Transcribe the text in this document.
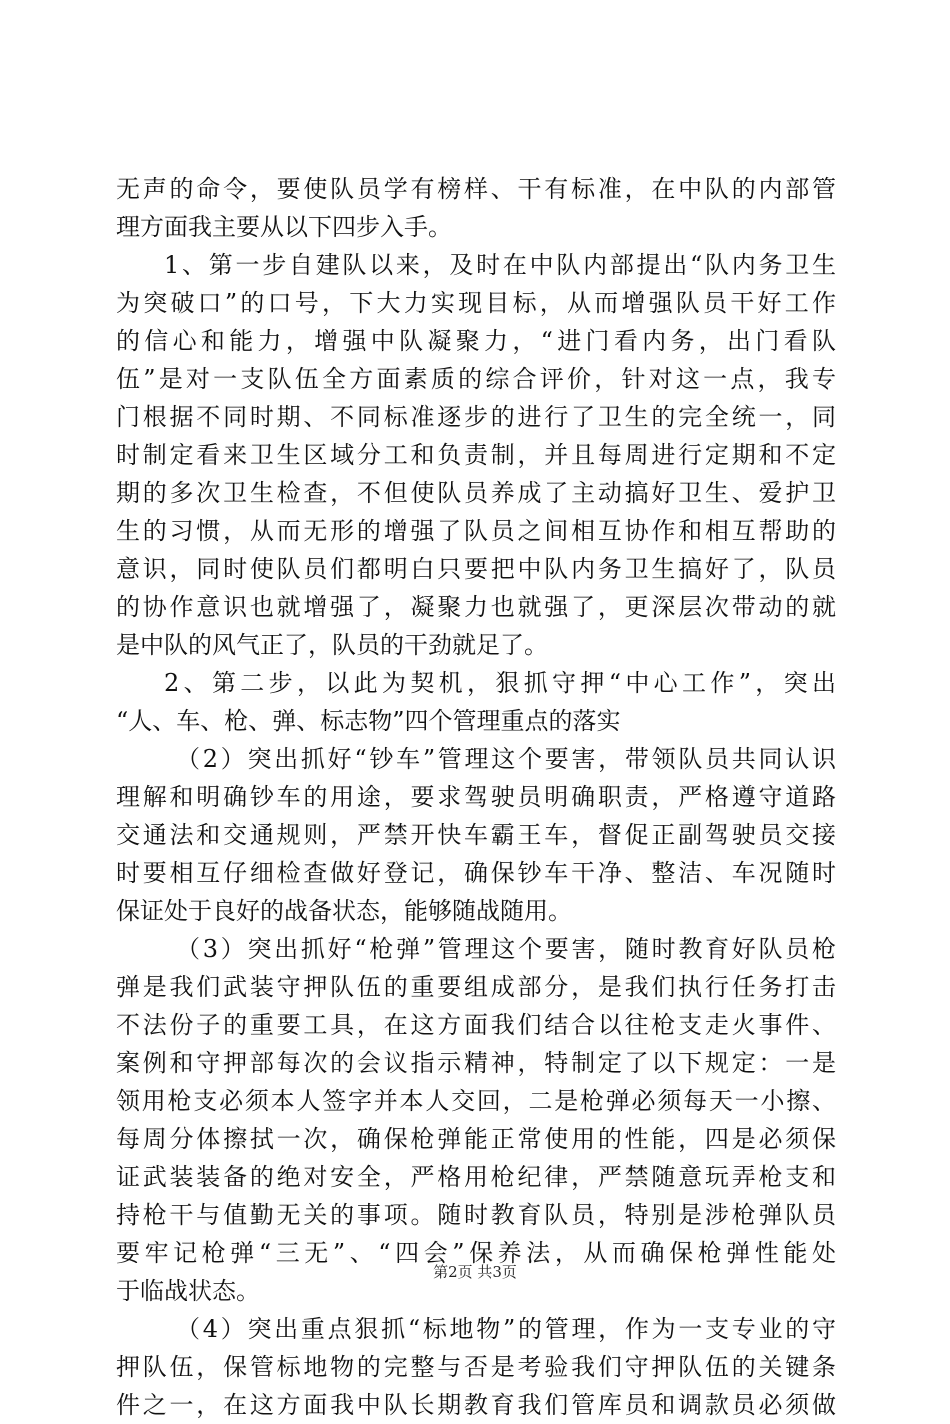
无声的命令，要使队员学有榜样、干有标准，在中队的内部管
理方面我主要从以下四步入手。
1、第一步自建队以来，及时在中队内部提出“队内务卫生
为突破口”的口号，下大力实现目标，从而增强队员干好工作
的信心和能力，增强中队凝聚力，“进门看内务，出门看队
伍”是对一支队伍全方面素质的综合评价，针对这一点，我专
门根据不同时期、不同标准逐步的进行了卫生的完全统一，同
时制定看来卫生区域分工和负责制，并且每周进行定期和不定
期的多次卫生检查，不但使队员养成了主动搞好卫生、爱护卫
生的习惯，从而无形的增强了队员之间相互协作和相互帮助的
意识，同时使队员们都明白只要把中队内务卫生搞好了，队员
的协作意识也就增强了，凝聚力也就强了，更深层次带动的就
是中队的风气正了，队员的干劲就足了。
2、第二步，以此为契机，狠抓守押“中心工作”，突出
“人、车、枪、弹、标志物”四个管理重点的落实
（2）突出抓好“钞车”管理这个要害，带领队员共同认识
理解和明确钞车的用途，要求驾驶员明确职责，严格遵守道路
交通法和交通规则，严禁开快车霸王车，督促正副驾驶员交接
时要相互仔细检查做好登记，确保钞车干净、整洁、车况随时
保证处于良好的战备状态，能够随战随用。
（3）突出抓好“枪弹”管理这个要害，随时教育好队员枪
弹是我们武装守押队伍的重要组成部分，是我们执行任务打击
不法份子的重要工具，在这方面我们结合以往枪支走火事件、
案例和守押部每次的会议指示精神，特制定了以下规定：一是
领用枪支必须本人签字并本人交回，二是枪弹必须每天一小擦、
每周分体擦拭一次，确保枪弹能正常使用的性能，四是必须保
证武装装备的绝对安全，严格用枪纪律，严禁随意玩弄枪支和
持枪干与值勤无关的事项。随时教育队员，特别是涉枪弹队员
要牢记枪弹“三无”、“四会”保养法，从而确保枪弹性能处
于临战状态。
（4）突出重点狠抓“标地物”的管理，作为一支专业的守
押队伍，保管标地物的完整与否是考验我们守押队伍的关键条
件之一，在这方面我中队长期教育我们管库员和调款员必须做
第2页 共3页
